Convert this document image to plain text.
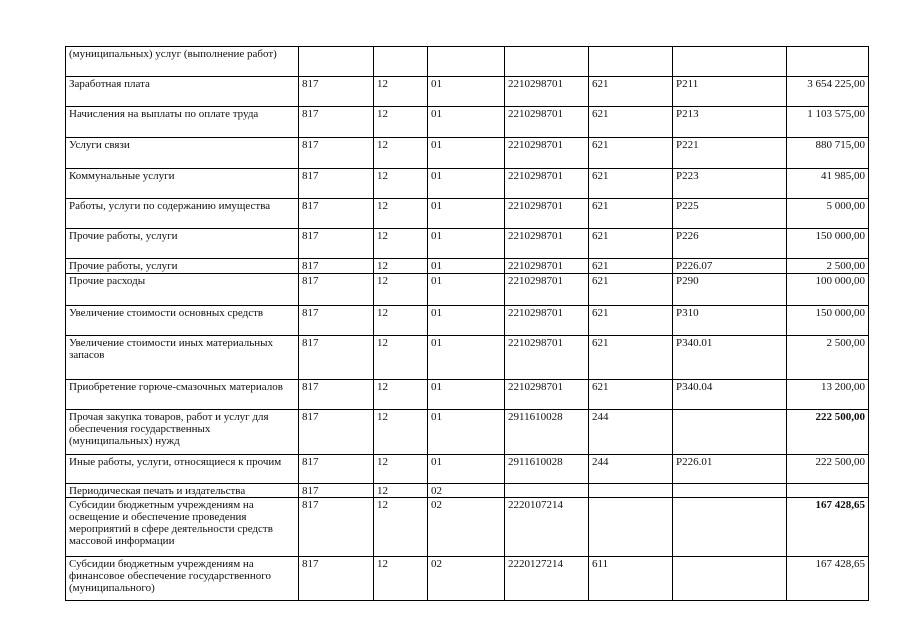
(муниципальных) услуг (выполнение работ)							
Заработная плата	817	12	01	2210298701	621	Р211	3 654 225,00
Начисления на выплаты по оплате труда	817	12	01	2210298701	621	Р213	1 103 575,00
Услуги связи	817	12	01	2210298701	621	Р221	880 715,00
Коммунальные услуги	817	12	01	2210298701	621	Р223	41 985,00
Работы, услуги по содержанию имущества	817	12	01	2210298701	621	Р225	5 000,00
Прочие работы, услуги	817	12	01	2210298701	621	Р226	150 000,00
Прочие работы, услуги	817	12	01	2210298701	621	Р226.07	2 500,00
Прочие расходы	817	12	01	2210298701	621	Р290	100 000,00
Увеличение стоимости основных средств	817	12	01	2210298701	621	Р310	150 000,00
Увеличение стоимости иных материальных запасов	817	12	01	2210298701	621	Р340.01	2 500,00
Приобретение горюче-смазочных материалов	817	12	01	2210298701	621	Р340.04	13 200,00
Прочая закупка товаров, работ и услуг для обеспечения государственных (муниципальных) нужд	817	12	01	2911610028	244		222 500,00
Иные работы, услуги, относящиеся к прочим	817	12	01	2911610028	244	Р226.01	222 500,00
Периодическая печать и издательства	817	12	02				
Субсидии бюджетным учреждениям на освещение и обеспечение проведения мероприятий в сфере деятельности средств массовой информации	817	12	02	2220107214			167 428,65
Субсидии бюджетным учреждениям на финансовое обеспечение государственного (муниципального)	817	12	02	2220127214	611		167 428,65
